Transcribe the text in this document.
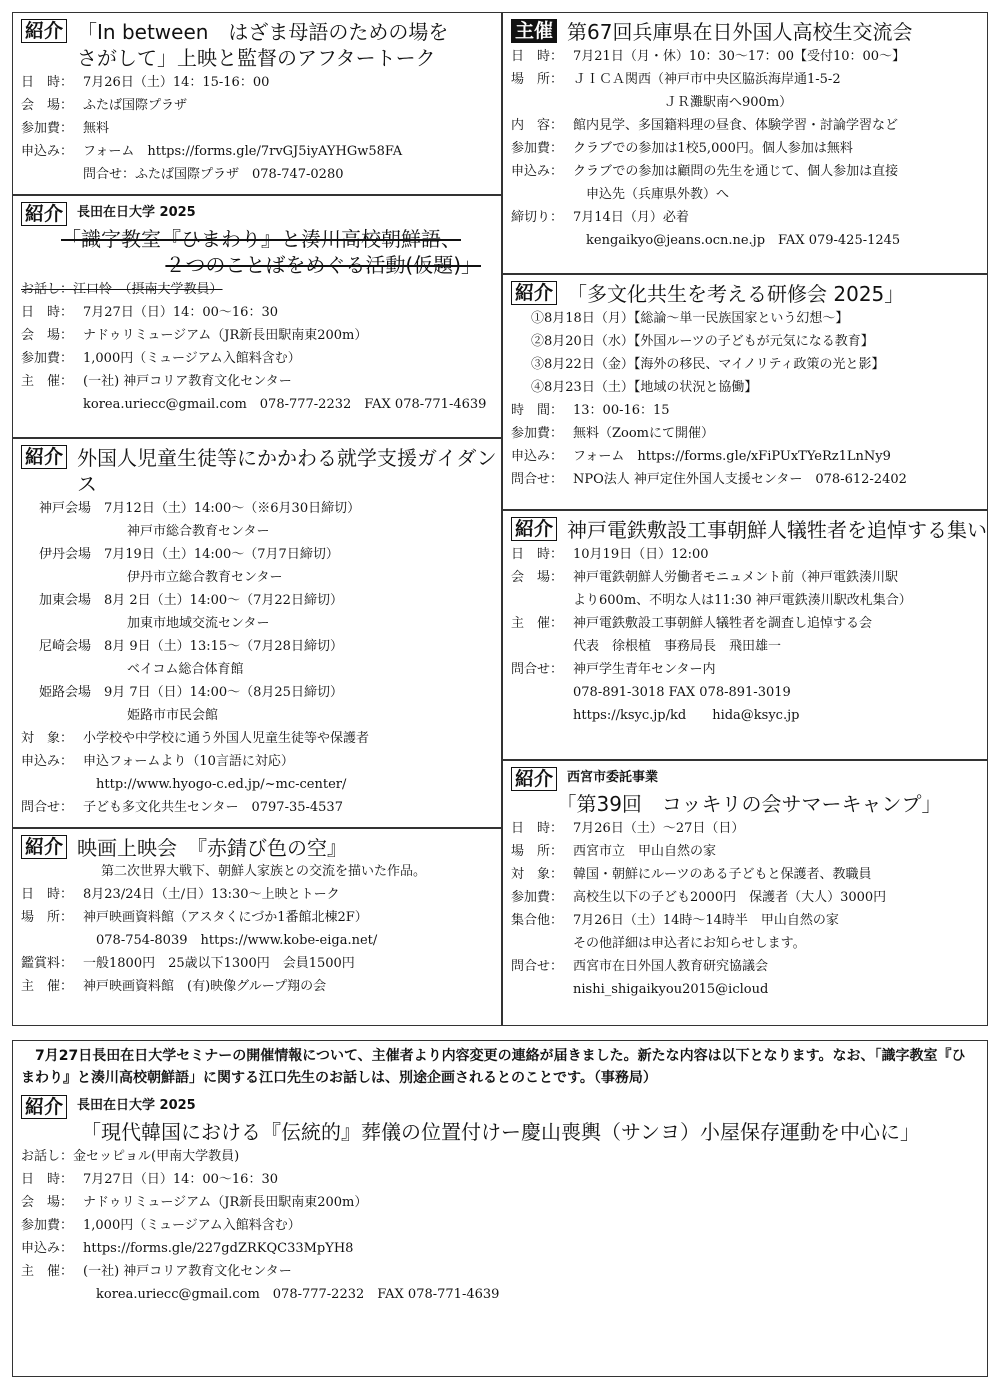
紹介 「In between　はざま母語のための場を
さがして」上映と監督のアフタートーク
日　時： 7月26日（土）14：15-16：00
会　場： ふたば国際プラザ
参加費： 無料
申込み： フォーム　https://forms.gle/7rvGJ5iyAYHGw58FA
問合せ：ふたば国際プラザ　078-747-0280
紹介	長田在日大学 2025
「識字教室『ひまわり』と湊川高校朝鮮語、
２つのことばをめぐる活動(仮題)」
お話し：江口怜　（摂南大学教員）
日　時： 7月27日（日）14：00〜16：30
会　場： ナドゥリミュージアム（JR新長田駅南東200m）
参加費： 1,000円（ミュージアム入館料含む）
主　催： (一社) 神戸コリア教育文化センター
korea.uriecc@gmail.com　078-777-2232　FAX 078-771-4639
紹介 外国人児童生徒等にかかわる就学支援ガイダンス
神戸会場　7月12日（土）14:00〜（※6月30日締切）
神戸市総合教育センター
伊丹会場　7月19日（土）14:00〜（7月7日締切）
伊丹市立総合教育センター
加東会場　8月 2日（土）14:00〜（7月22日締切）
加東市地域交流センター
尼崎会場　8月 9日（土）13:15〜（7月28日締切）
ベイコム総合体育館
姫路会場　9月 7日（日）14:00〜（8月25日締切）
姫路市市民会館
対　象： 小学校や中学校に通う外国人児童生徒等や保護者
申込み： 申込フォームより（10言語に対応）
　http://www.hyogo-c.ed.jp/~mc-center/
問合せ： 子ども多文化共生センター　0797-35-4537
紹介 映画上映会　『赤錆び色の空』
第二次世界大戦下、朝鮮人家族との交流を描いた作品。
日　時： 8月23/24日（土/日）13:30〜上映とトーク
場　所： 神戸映画資料館（アスタくにづか1番館北棟2F）
　078-754-8039　https://www.kobe-eiga.net/
鑑賞料： 一般1800円　25歳以下1300円　会員1500円
主　催： 神戸映画資料館　(有)映像グループ翔の会
主催 第67回兵庫県在日外国人高校生交流会
日　時： 7月21日（月・休）10：30〜17：00【受付10：00〜】
場　所： ＪＩＣＡ関西（神戸市中央区脇浜海岸通1-5-2
　　　　　　　ＪＲ灘駅南へ900m）
内　容： 館内見学、多国籍料理の昼食、体験学習・討論学習など
参加費： クラブでの参加は1校5,000円。個人参加は無料
申込み： クラブでの参加は顧問の先生を通じて、個人参加は直接
　申込先（兵庫県外教）へ
締切り： 7月14日（月）必着
　kengaikyo@jeans.ocn.ne.jp　FAX 079-425-1245
紹介 「多文化共生を考える研修会 2025」
①8月18日（月）【総論〜単一民族国家という幻想〜】
②8月20日（水）【外国ルーツの子どもが元気になる教育】
③8月22日（金）【海外の移民、マイノリティ政策の光と影】
④8月23日（土）【地域の状況と協働】
時　間： 13：00-16：15
参加費： 無料（Zoomにて開催）
申込み： フォーム　https://forms.gle/xFiPUxTYeRz1LnNy9
問合せ： NPO法人 神戸定住外国人支援センター　078-612-2402
紹介 神戸電鉄敷設工事朝鮮人犠牲者を追悼する集い
日　時： 10月19日（日）12:00
会　場： 神戸電鉄朝鮮人労働者モニュメント前（神戸電鉄湊川駅
より600m、不明な人は11:30 神戸電鉄湊川駅改札集合）
主　催： 神戸電鉄敷設工事朝鮮人犠牲者を調査し追悼する会
代表　徐根植　事務局長　飛田雄一
問合せ： 神戸学生青年センター内
078-891-3018 FAX 078-891-3019
https://ksyc.jp/kd　　hida@ksyc.jp
紹介	西宮市委託事業
「第39回　コッキリの会サマーキャンプ」
日　時： 7月26日（土）〜27日（日）
場　所： 西宮市立　甲山自然の家
対　象： 韓国・朝鮮にルーツのある子どもと保護者、教職員
参加費： 高校生以下の子ども2000円　保護者（大人）3000円
集合他： 7月26日（土）14時〜14時半　甲山自然の家
その他詳細は申込者にお知らせします。
問合せ： 西宮市在日外国人教育研究協議会
nishi_shigaikyou2015@icloud
　7月27日長田在日大学セミナーの開催情報について、主催者より内容変更の連絡が届きました。新たな内容は以下となります。なお、「識字教室『ひまわり』と湊川高校朝鮮語」に関する江口先生のお話しは、別途企画されるとのことです。（事務局）
紹介	長田在日大学 2025
「現代韓国における『伝統的』葬儀の位置付けー慶山喪輿（サンヨ）小屋保存運動を中心に」
お話し：金セッピョル(甲南大学教員)
日　時： 7月27日（日）14：00〜16：30
会　場： ナドゥリミュージアム（JR新長田駅南東200m）
参加費： 1,000円（ミュージアム入館料含む）
申込み： https://forms.gle/227gdZRKQC33MpYH8
主　催： (一社) 神戸コリア教育文化センター
　korea.uriecc@gmail.com　078-777-2232　FAX 078-771-4639
